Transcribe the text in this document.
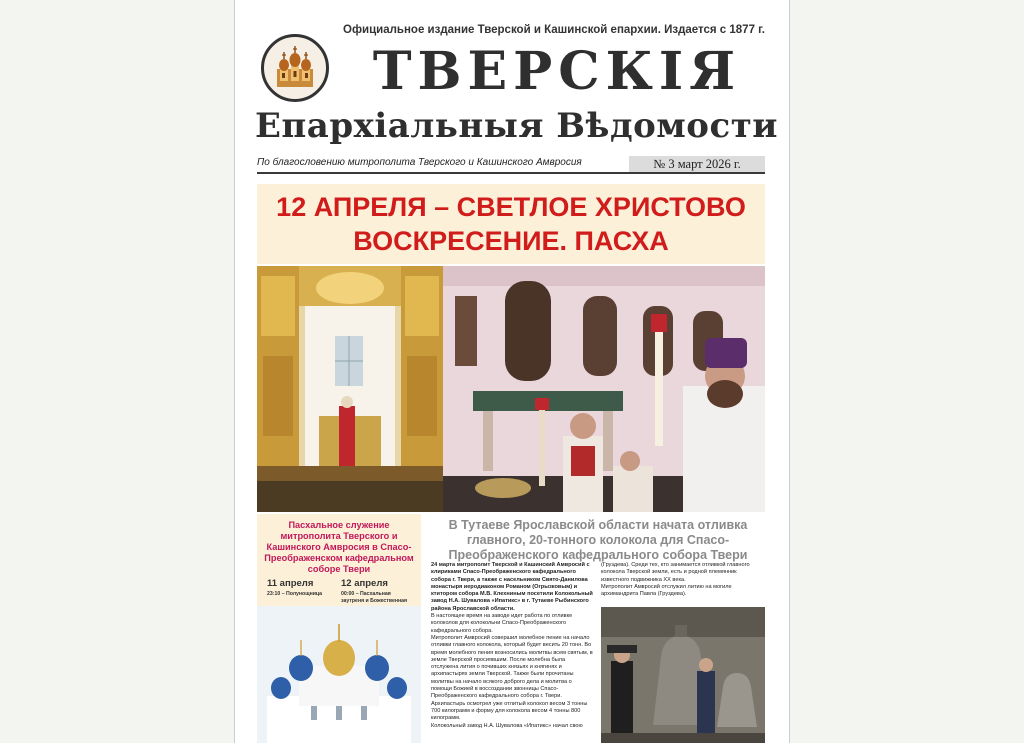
Официальное издание Тверской и Кашинской епархии. Издается с 1877 г.
ТВЕРСКІЯ
Епархіальныя Вѣдомости
По благословению митрополита Тверского и Кашинского Амвросия	№ 3 март 2026 г.
12 АПРЕЛЯ – СВЕТЛОЕ ХРИСТОВО
ВОСКРЕСЕНИЕ. ПАСХА
Пасхальное служение митрополита Тверского и Кашинского Амвросия в Спасо-Преображенском кафедральном соборе Твери
11 апреля
23:10 – Полунощница
12 апреля
00:00 – Пасхальная заутреня и Божественная
В Тутаеве Ярославской области начата отливка главного, 20-тонного колокола для Спасо-Преображенского кафедрального собора Твери
24 марта митрополит Тверской и Кашинский Амвросий с клириками Спасо-Преображенского кафедрального собора г. Твери, а также с насельником Свято-Даниловa монастыря иеродиаконом Романом (Огрызковым) и ктитором собора М.В. Клехниным посетили Колокольный завод Н.А. Шувалова «Ипатикс» в г. Тутаеве Рыбинского района Ярославской области.
В настоящее время на заводе идет работа по отливке колоколов для колокольни Спасо-Преображенского кафедрального собора.
Митрополит Амвросий совершил молебное пение на начало отливки главного колокола, который будет весить 20 тонн. Во время молебного пения возносились молитвы всем святым, в земле Тверской просиявшим. После молебна была отслужена лития о почивших князьях и княгинях и архипастырях земли Тверской. Также были прочитаны молитвы на начало всякого доброго дела и молитва о помощи Божией в воссоздании звонницы Спасо-Преображенского кафедрального собора г. Твери.
Архипастырь осмотрел уже отлитый колокол весом 3 тонны 700 килограмм и форму для колокола весом 4 тонны 800 килограмм.
Колокольный завод Н.А. Шувалова «Ипатикс» начал свою
(Груздева). Среди тех, кто занимается отливкой главного колокола Тверской земли, есть и родной племянник известного подвижника XX века.
Митрополит Амвросий отслужил литию на могиле архимандрита Павла (Груздева).
